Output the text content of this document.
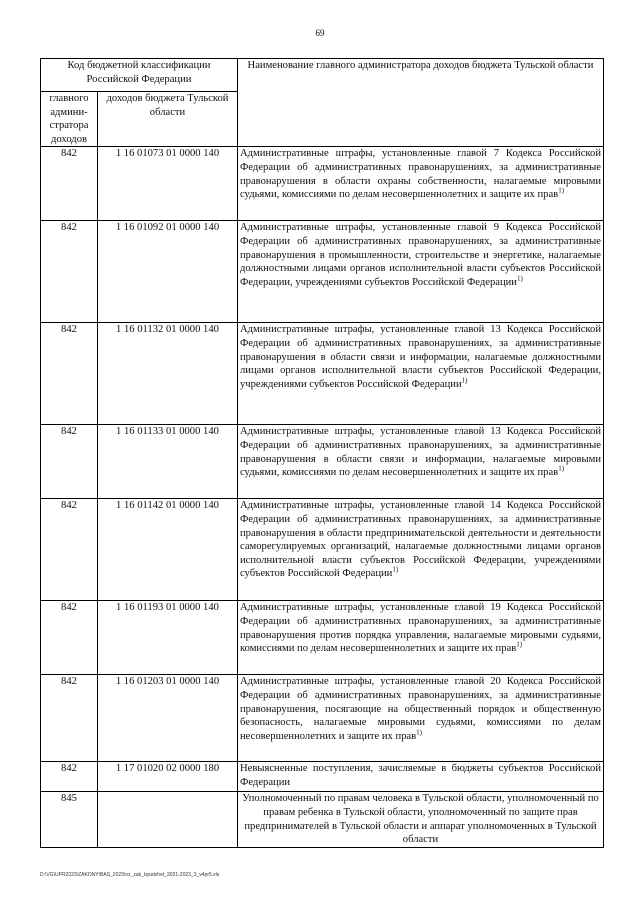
69
Код бюджетной классификации Российской Федерации		Наименование главного администратора доходов бюджета Тульской области
главного админи-стратора доходов	доходов бюджета Тульской области	
842	1 16 01073 01 0000 140	Административные штрафы, установленные главой 7 Кодекса Российской Федерации об административных правонарушениях, за административные правонарушения в области охраны собственности, налагаемые мировыми судьями, комиссиями по делам несовершеннолетних и защите их прав$^{1)}$
842	1 16 01092 01 0000 140	Административные штрафы, установленные главой 9 Кодекса Российской Федерации об административных правонарушениях, за административные правонарушения в промышленности, строительстве и энергетике, налагаемые должностными лицами органов исполнительной власти субъектов Российской Федерации, учреждениями субъектов Российской Федерации$^{1)}$
842	1 16 01132 01 0000 140	Административные штрафы, установленные главой 13 Кодекса Российской Федерации об административных правонарушениях, за административные правонарушения в области связи и информации, налагаемые должностными лицами органов исполнительной власти субъектов Российской Федерации, учреждениями субъектов Российской Федерации$^{1)}$
842	1 16 01133 01 0000 140	Административные штрафы, установленные главой 13 Кодекса Российской Федерации об административных правонарушениях, за административные правонарушения в области связи и информации, налагаемые мировыми судьями, комиссиями по делам несовершеннолетних и защите их прав$^{1)}$
842	1 16 01142 01 0000 140	Административные штрафы, установленные главой 14 Кодекса Российской Федерации об административных правонарушениях, за административные правонарушения в области предпринимательской деятельности и деятельности саморегулируемых организаций, налагаемые должностными лицами органов исполнительной власти субъектов Российской Федерации, учреждениями субъектов Российской Федерации$^{1)}$
842	1 16 01193 01 0000 140	Административные штрафы, установленные главой 19 Кодекса Российской Федерации об административных правонарушениях, за административные правонарушения против порядка управления, налагаемые мировыми судьями, комиссиями по делам несовершеннолетних и защите их прав$^{1)}$
842	1 16 01203 01 0000 140	Административные штрафы, установленные главой 20 Кодекса Российской Федерации об административных правонарушениях, за административные правонарушения, посягающие на общественный порядок и общественную безопасность, налагаемые мировыми судьями, комиссиями по делам несовершеннолетних и защите их прав$^{1)}$
842	1 17 01020 02 0000 180	Невыясненные поступления, зачисляемые в бюджеты субъектов Российской Федерации
845		Уполномоченный по правам человека в Тульской области, уполномоченный по правам ребенка в Тульской области, уполномоченный по защите прав предпринимателей в Тульской области и аппарат уполномоченных в Тульской области
D:\VG\UPR2023\ZAKONY\BAS_2023\nz_zak_byudzhet_2021-2023_3_v4pr5.xls
